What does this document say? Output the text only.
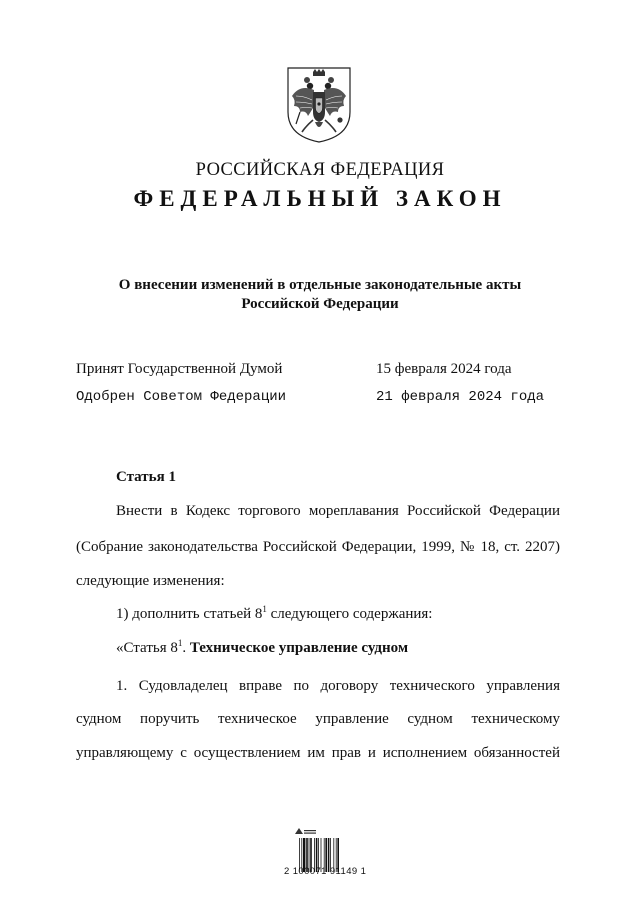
РОССИЙСКАЯ ФЕДЕРАЦИЯ
ФЕДЕРАЛЬНЫЙ ЗАКОН
О внесении изменений в отдельные законодательные акты
Российской Федерации
Принят Государственной Думой	15 февраля 2024 года
Одобрен Советом Федерации	21 февраля 2024 года
Статья 1
Внести в Кодекс торгового мореплавания Российской Федерации
(Собрание законодательства Российской Федерации, 1999, № 18, ст. 2207)
следующие изменения:
1) дополнить статьей $8^1$ следующего содержания:
«Статья $8^1$. Техническое управление судном
1. Судовладелец вправе по договору технического управления
судном поручить техническое управление судном техническому
управляющему с осуществлением им прав и исполнением обязанностей
2 100071 91149 1
